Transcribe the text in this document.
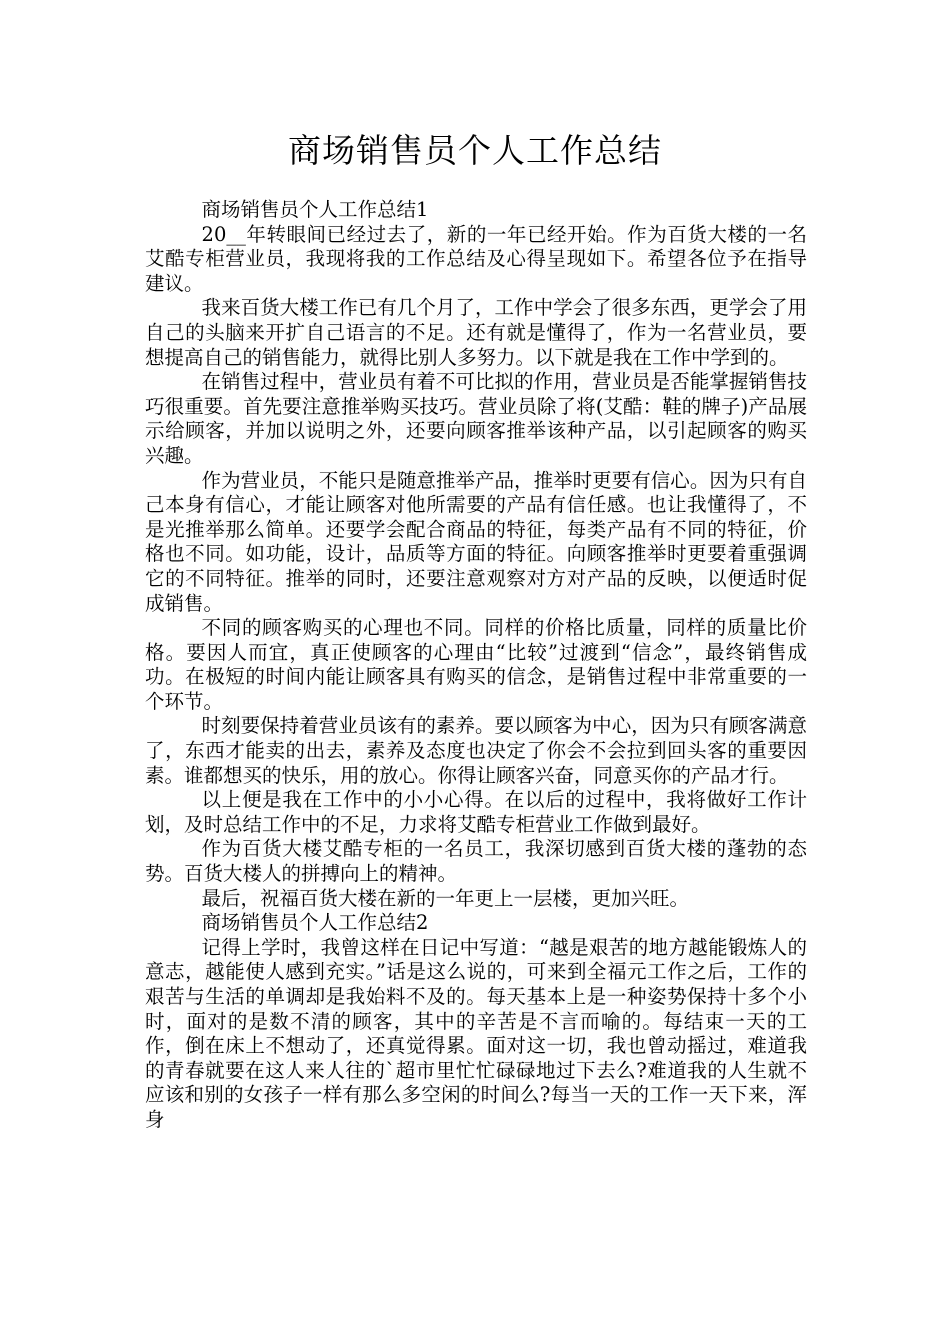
商场销售员个人工作总结

商场销售员个人工作总结1

20__年转眼间已经过去了，新的一年已经开始。作为百货大楼的一名艾酷专柜营业员，我现将我的工作总结及心得呈现如下。希望各位予在指导建议。

我来百货大楼工作已有几个月了，工作中学会了很多东西，更学会了用自己的头脑来开扩自己语言的不足。还有就是懂得了，作为一名营业员，要想提高自己的销售能力，就得比别人多努力。以下就是我在工作中学到的。

在销售过程中，营业员有着不可比拟的作用，营业员是否能掌握销售技巧很重要。首先要注意推举购买技巧。营业员除了将(艾酷：鞋的牌子)产品展示给顾客，并加以说明之外，还要向顾客推举该种产品，以引起顾客的购买兴趣。

作为营业员，不能只是随意推举产品，推举时更要有信心。因为只有自己本身有信心，才能让顾客对他所需要的产品有信任感。也让我懂得了，不是光推举那么简单。还要学会配合商品的特征，每类产品有不同的特征，价格也不同。如功能，设计，品质等方面的特征。向顾客推举时更要着重强调它的不同特征。推举的同时，还要注意观察对方对产品的反映，以便适时促成销售。

不同的顾客购买的心理也不同。同样的价格比质量，同样的质量比价格。要因人而宜，真正使顾客的心理由“比较”过渡到“信念”，最终销售成功。在极短的时间内能让顾客具有购买的信念，是销售过程中非常重要的一个环节。

时刻要保持着营业员该有的素养。要以顾客为中心，因为只有顾客满意了，东西才能卖的出去，素养及态度也决定了你会不会拉到回头客的重要因素。谁都想买的快乐，用的放心。你得让顾客兴奋，同意买你的产品才行。

以上便是我在工作中的小小心得。在以后的过程中，我将做好工作计划，及时总结工作中的不足，力求将艾酷专柜营业工作做到最好。

作为百货大楼艾酷专柜的一名员工，我深切感到百货大楼的蓬勃的态势。百货大楼人的拼搏向上的精神。

最后，祝福百货大楼在新的一年更上一层楼，更加兴旺。

商场销售员个人工作总结2

记得上学时，我曾这样在日记中写道：“越是艰苦的地方越能锻炼人的意志，越能使人感到充实。”话是这么说的，可来到全福元工作之后，工作的艰苦与生活的单调却是我始料不及的。每天基本上是一种姿势保持十多个小时，面对的是数不清的顾客，其中的辛苦是不言而喻的。每结束一天的工作，倒在床上不想动了，还真觉得累。面对这一切，我也曾动摇过，难道我的青春就要在这人来人往的`超市里忙忙碌碌地过下去么?难道我的人生就不应该和别的女孩子一样有那么多空闲的时间么?每当一天的工作一天下来，浑身
